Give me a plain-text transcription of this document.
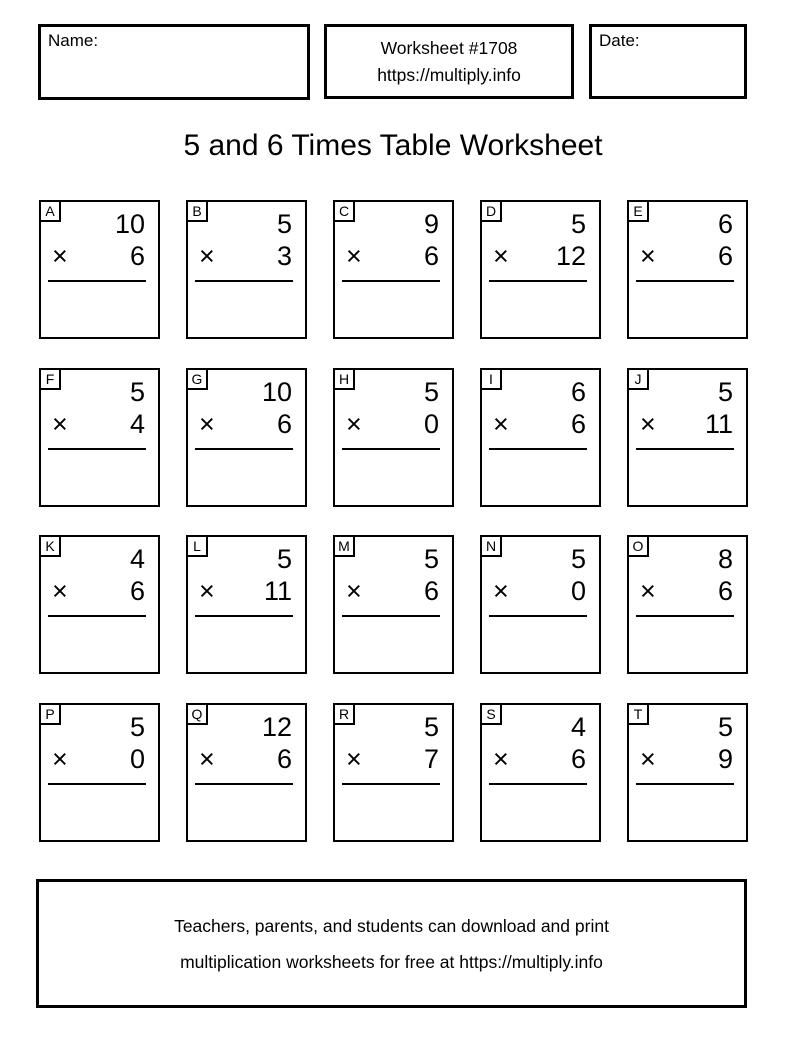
Name:	Worksheet #1708
https://multiply.info
Date:
5 and 6 Times Table Worksheet
A	10
× 6
B	5
× 3
C	9
× 6
D	5
× 12
E	6
× 6
F	5
× 4
G	10
× 6
H	5
× 0
I	6
× 6
J	5
× 11
K	4
× 6
L	5
× 11
M	5
× 6
N	5
× 0
O	8
× 6
P	5
× 0
Q	12
× 6
R	5
× 7
S	4
× 6
T	5
× 9
Teachers, parents, and students can download and print
multiplication worksheets for free at https://multiply.info
